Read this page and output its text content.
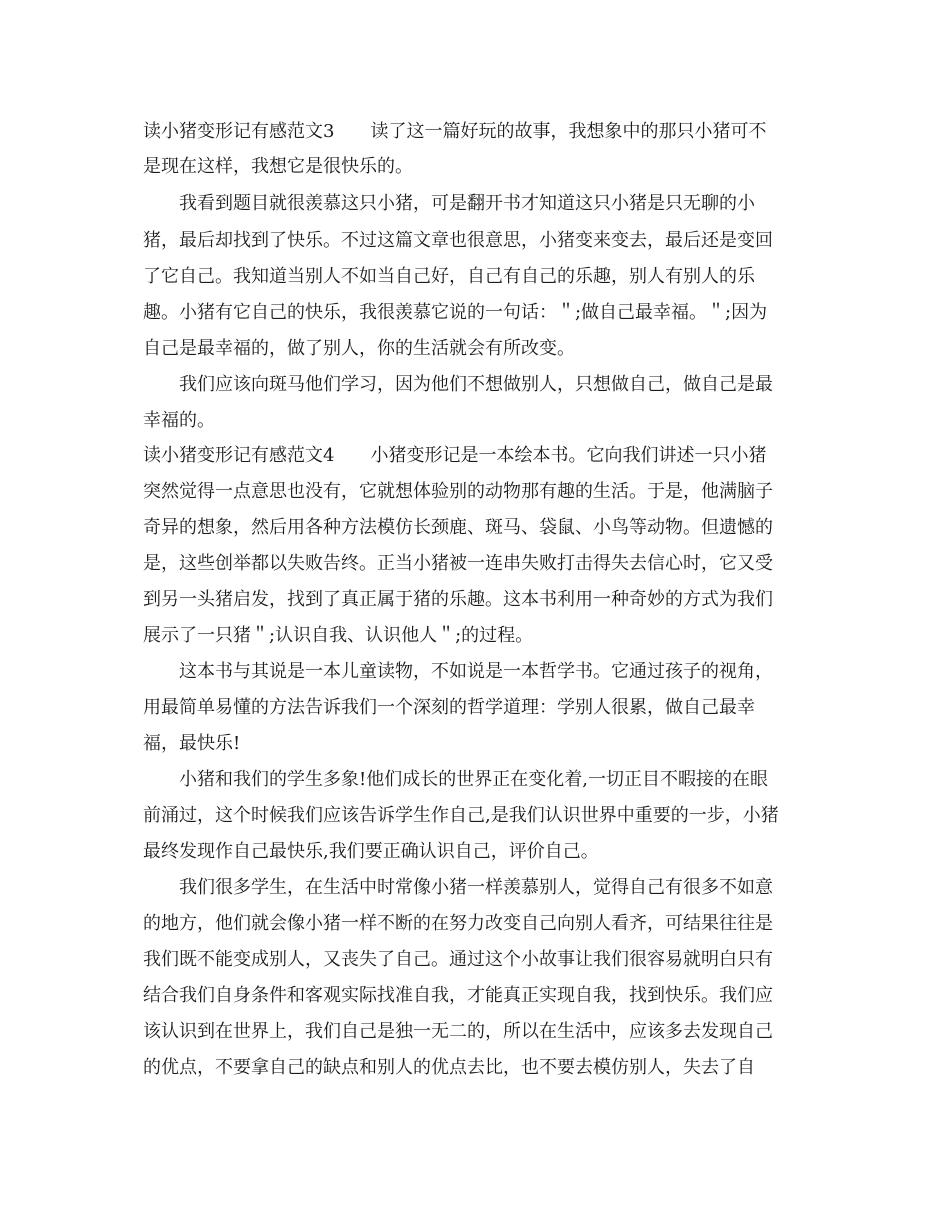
读小猪变形记有感范文3　　读了这一篇好玩的故事，我想象中的那只小猪可不

是现在这样，我想它是很快乐的。

我看到题目就很羡慕这只小猪，可是翻开书才知道这只小猪是只无聊的小

猪，最后却找到了快乐。不过这篇文章也很意思，小猪变来变去，最后还是变回

了它自己。我知道当别人不如当自己好，自己有自己的乐趣，别人有别人的乐

趣。小猪有它自己的快乐，我很羡慕它说的一句话：＂;做自己最幸福。＂;因为

自己是最幸福的，做了别人，你的生活就会有所改变。

我们应该向斑马他们学习，因为他们不想做别人，只想做自己，做自己是最

幸福的。

读小猪变形记有感范文4　　小猪变形记是一本绘本书。它向我们讲述一只小猪

突然觉得一点意思也没有，它就想体验别的动物那有趣的生活。于是，他满脑子

奇异的想象，然后用各种方法模仿长颈鹿、斑马、袋鼠、小鸟等动物。但遗憾的

是，这些创举都以失败告终。正当小猪被一连串失败打击得失去信心时，它又受

到另一头猪启发，找到了真正属于猪的乐趣。这本书利用一种奇妙的方式为我们

展示了一只猪＂;认识自我、认识他人＂;的过程。

这本书与其说是一本儿童读物，不如说是一本哲学书。它通过孩子的视角，

用最简单易懂的方法告诉我们一个深刻的哲学道理：学别人很累，做自己最幸

福，最快乐!

小猪和我们的学生多象!他们成长的世界正在变化着,一切正目不暇接的在眼

前涌过，这个时候我们应该告诉学生作自己,是我们认识世界中重要的一步，小猪

最终发现作自己最快乐,我们要正确认识自己，评价自己。

我们很多学生，在生活中时常像小猪一样羡慕别人，觉得自己有很多不如意

的地方，他们就会像小猪一样不断的在努力改变自己向别人看齐，可结果往往是

我们既不能变成别人，又丧失了自己。通过这个小故事让我们很容易就明白只有

结合我们自身条件和客观实际找准自我，才能真正实现自我，找到快乐。我们应

该认识到在世界上，我们自己是独一无二的，所以在生活中，应该多去发现自己

的优点，不要拿自己的缺点和别人的优点去比，也不要去模仿别人，失去了自
